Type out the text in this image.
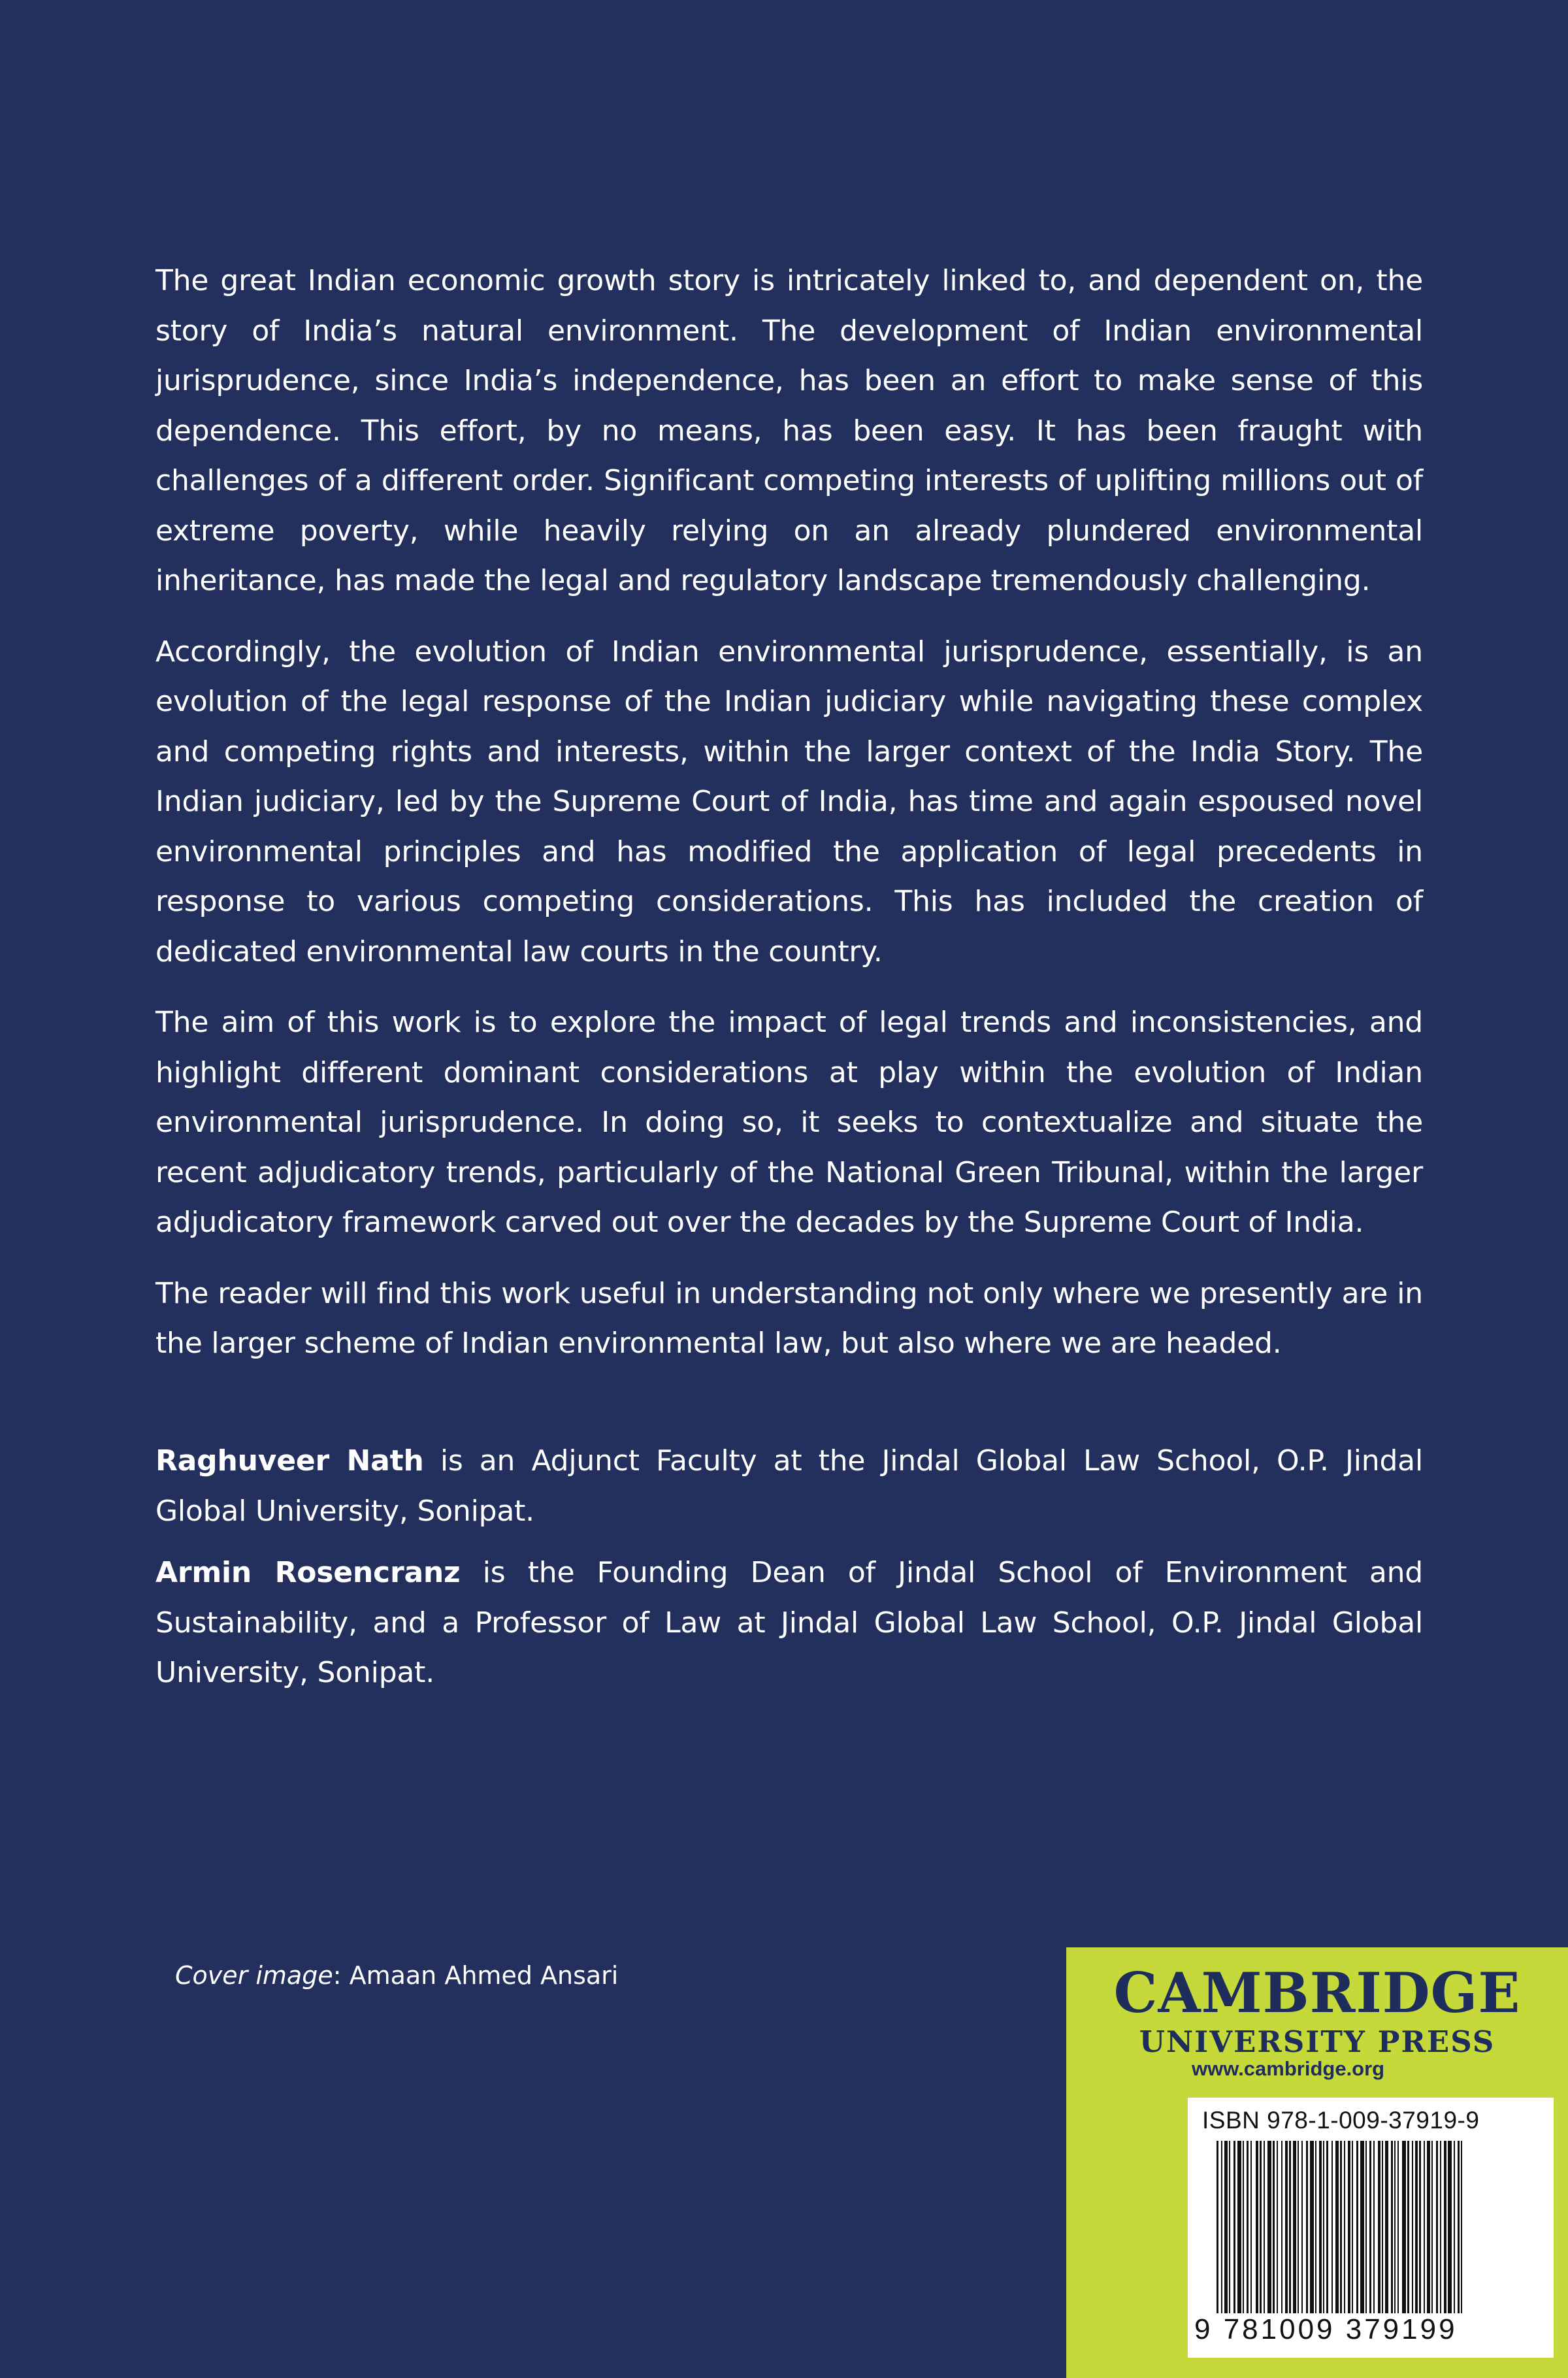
The great Indian economic growth story is intricately linked to, and dependent on, the story of India’s natural environment. The development of Indian environmental jurisprudence, since India’s independence, has been an effort to make sense of this dependence. This effort, by no means, has been easy. It has been fraught with challenges of a different order. Significant competing interests of uplifting millions out of extreme poverty, while heavily relying on an already plundered environmental inheritance, has made the legal and regulatory landscape tremendously challenging.

Accordingly, the evolution of Indian environmental jurisprudence, essentially, is an evolution of the legal response of the Indian judiciary while navigating these complex and competing rights and interests, within the larger context of the India Story. The Indian judiciary, led by the Supreme Court of India, has time and again espoused novel environmental principles and has modified the application of legal precedents in response to various competing considerations. This has included the creation of dedicated environmental law courts in the country.

The aim of this work is to explore the impact of legal trends and inconsistencies, and highlight different dominant considerations at play within the evolution of Indian environmental jurisprudence. In doing so, it seeks to contextualize and situate the recent adjudicatory trends, particularly of the National Green Tribunal, within the larger adjudicatory framework carved out over the decades by the Supreme Court of India.

The reader will find this work useful in understanding not only where we presently are in the larger scheme of Indian environmental law, but also where we are headed.

Raghuveer Nath is an Adjunct Faculty at the Jindal Global Law School, O.P. Jindal Global University, Sonipat.

Armin Rosencranz is the Founding Dean of Jindal School of Environment and Sustainability, and a Professor of Law at Jindal Global Law School, O.P. Jindal Global University, Sonipat.

Cover image: Amaan Ahmed Ansari	CAMBRIDGE
UNIVERSITY PRESS
www.cambridge.org
ISBN 978-1-009-37919-9
9 781009 379199
